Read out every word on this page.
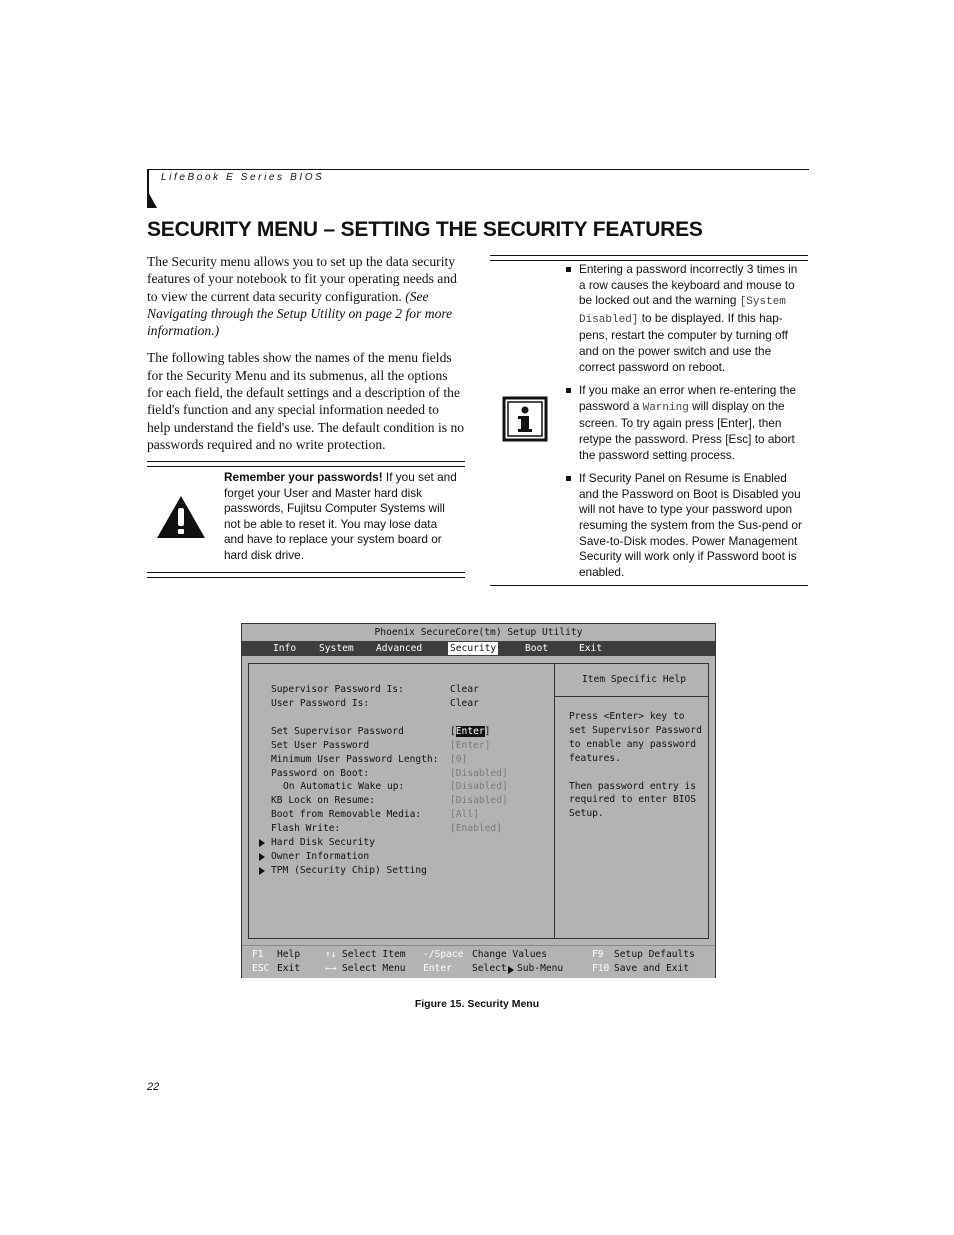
LifeBook E Series BIOS
SECURITY MENU – SETTING THE SECURITY FEATURES

The Security menu allows you to set up the data security features of your notebook to fit your operating needs and to view the current data security configuration. (See Navigating through the Setup Utility on page 2 for more information.)

The following tables show the names of the menu fields for the Security Menu and its submenus, all the options for each field, the default settings and a description of the field's function and any special information needed to help understand the field's use. The default condition is no passwords required and no write protection.

Remember your passwords! If you set and forget your User and Master hard disk passwords, Fujitsu Computer Systems will not be able to reset it. You may lose data and have to replace your system board or hard disk drive.
Entering a password incorrectly 3 times in a row causes the keyboard and mouse to be locked out and the warning [System Disabled] to be displayed. If this hap-pens, restart the computer by turning off and on the power switch and use the correct password on reboot.
If you make an error when re-entering the password a Warning will display on the screen. To try again press [Enter], then retype the password. Press [Esc] to abort the password setting process.
If Security Panel on Resume is Enabled and the Password on Boot is Disabled you will not have to type your password upon resuming the system from the Sus-pend or Save-to-Disk modes. Power Management Security will work only if Password boot is enabled.
Phoenix SecureCore(tm) Setup Utility
Info System Advanced	Security	Boot	Exit
Supervisor Password Is:	Clear
User Password Is:	Clear
Set Supervisor Password	[Enter]
Set User Password	[Enter]
Minimum User Password Length: [0]
Password on Boot:	[Disabled]
On Automatic Wake up:	[Disabled]
KB Lock on Resume:	[Disabled]
Boot from Removable Media:	[All]
Flash Write:	[Enabled]
Hard Disk Security
Owner Information
TPM (Security Chip) Setting
Item Specific Help
Press <Enter> key to
set Supervisor Password
to enable any password
features.
Then password entry is
required to enter BIOS
Setup.
F1 Help	↑↓ Select Item -/Space Change Values	F9 Setup Defaults
ESC Exit	←→ Select Menu Enter Select Sub-Menu	F10 Save and Exit
Figure 15. Security Menu
22
